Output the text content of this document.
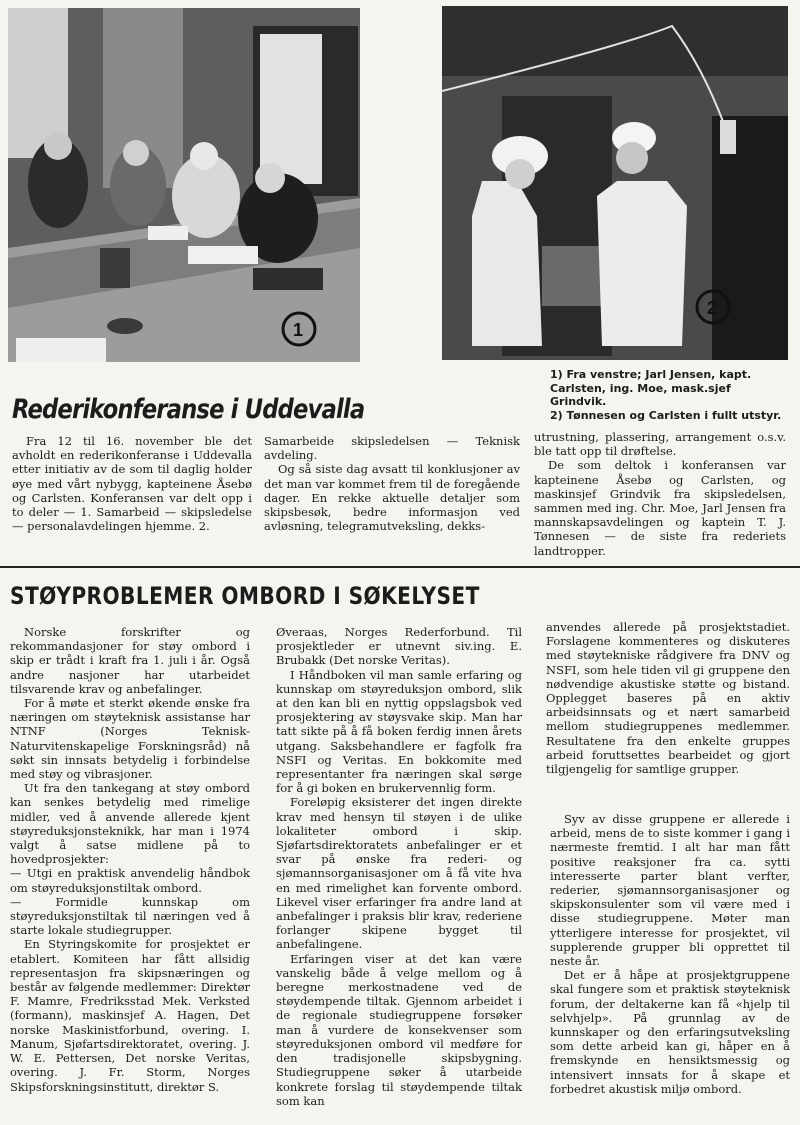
1
2
1) Fra venstre; Jarl Jensen, kapt. Carlsten, ing. Moe, mask.sjef Grindvik.
2) Tønnesen og Carlsten i fullt utstyr.
Rederikonferanse i Uddevalla

Fra 12 til 16. november ble det avholdt en rederikonferanse i Uddevalla etter initiativ av de som til daglig holder øye med vårt nybygg, kapteinene Åsebø og Carlsten. Konferansen var delt opp i to deler — 1. Samarbeid — skipsledelse — personalavdelingen hjemme. 2.

Samarbeide skipsledelsen — Teknisk avdeling.

Og så siste dag avsatt til konklusjoner av det man var kommet frem til de foregående dager. En rekke aktuelle detaljer som skipsbesøk, bedre informasjon ved avløsning, telegramutveksling, dekks-

utrustning, plassering, arrangement o.s.v. ble tatt opp til drøftelse.

De som deltok i konferansen var kapteinene Åsebø og Carlsten, og maskinsjef Grindvik fra skipsledelsen, sammen med ing. Chr. Moe, Jarl Jensen fra mannskapsavdelingen og kaptein T. J. Tønnesen — de siste fra rederiets landtropper.

STØYPROBLEMER OMBORD I SØKELYSET

Norske forskrifter og rekommandasjoner for støy ombord i skip er trådt i kraft fra 1. juli i år. Også andre nasjoner har utarbeidet tilsvarende krav og anbefalinger.

For å møte et sterkt økende ønske fra næringen om støyteknisk assistanse har NTNF (Norges Teknisk-Naturvitenskapelige Forskningsråd) nå søkt sin innsats betydelig i forbindelse med støy og vibrasjoner.

Ut fra den tankegang at støy ombord kan senkes betydelig med rimelige midler, ved å anvende allerede kjent støyreduksjonsteknikk, har man i 1974 valgt å satse midlene på to hovedprosjekter:

— Utgi en praktisk anvendelig håndbok om støyreduksjonstiltak ombord.

— Formidle kunnskap om støyreduksjonstiltak til næringen ved å starte lokale studiegrupper.

En Styringskomite for prosjektet er etablert. Komiteen har fått allsidig representasjon fra skipsnæringen og består av følgende medlemmer: Direktør F. Mamre, Fredriksstad Mek. Verksted (formann), maskinsjef A. Hagen, Det norske Maskinistforbund, overing. I. Manum, Sjøfartsdirektoratet, overing. J. W. E. Pettersen, Det norske Veritas, overing. J. Fr. Storm, Norges Skipsforskningsinstitutt, direktør S.

Øveraas, Norges Rederforbund. Til prosjektleder er utnevnt siv.ing. E. Brubakk (Det norske Veritas).

I Håndboken vil man samle erfaring og kunnskap om støyreduksjon ombord, slik at den kan bli en nyttig oppslagsbok ved prosjektering av støysvake skip. Man har tatt sikte på å få boken ferdig innen årets utgang. Saksbehandlere er fagfolk fra NSFI og Veritas. En bokkomite med representanter fra næringen skal sørge for å gi boken en brukervennlig form.

Foreløpig eksisterer det ingen direkte krav med hensyn til støyen i de ulike lokaliteter ombord i skip. Sjøfartsdirektoratets anbefalinger er et svar på ønske fra rederi- og sjømannsorganisasjoner om å få vite hva en med rimelighet kan forvente ombord. Likevel viser erfaringer fra andre land at anbefalinger i praksis blir krav, rederiene forlanger skipene bygget til anbefalingene.

Erfaringen viser at det kan være vanskelig både å velge mellom og å beregne merkostnadene ved de støydempende tiltak. Gjennom arbeidet i de regionale studiegruppene forsøker man å vurdere de konsekvenser som støyreduksjonen ombord vil medføre for den tradisjonelle skipsbygning. Studiegruppene søker å utarbeide konkrete forslag til støydempende tiltak som kan

anvendes allerede på prosjektstadiet. Forslagene kommenteres og diskuteres med støytekniske rådgivere fra DNV og NSFI, som hele tiden vil gi gruppene den nødvendige akustiske støtte og bistand. Opplegget baseres på en aktiv arbeidsinnsats og et nært samarbeid mellom studiegruppenes medlemmer. Resultatene fra den enkelte gruppes arbeid foruttsettes bearbeidet og gjort tilgjengelig for samtlige grupper.

Syv av disse gruppene er allerede i arbeid, mens de to siste kommer i gang i nærmeste fremtid. I alt har man fått positive reaksjoner fra ca. sytti interesserte parter blant verfter, rederier, sjømannsorganisasjoner og skipskonsulenter som vil være med i disse studiegruppene. Møter man ytterligere interesse for prosjektet, vil supplerende grupper bli opprettet til neste år.

Det er å håpe at prosjektgruppene skal fungere som et praktisk støyteknisk forum, der deltakerne kan få «hjelp til selvhjelp». På grunnlag av de kunnskaper og den erfaringsutveksling som dette arbeid kan gi, håper en å fremskynde en hensiktsmessig og intensivert innsats for å skape et forbedret akustisk miljø ombord.
